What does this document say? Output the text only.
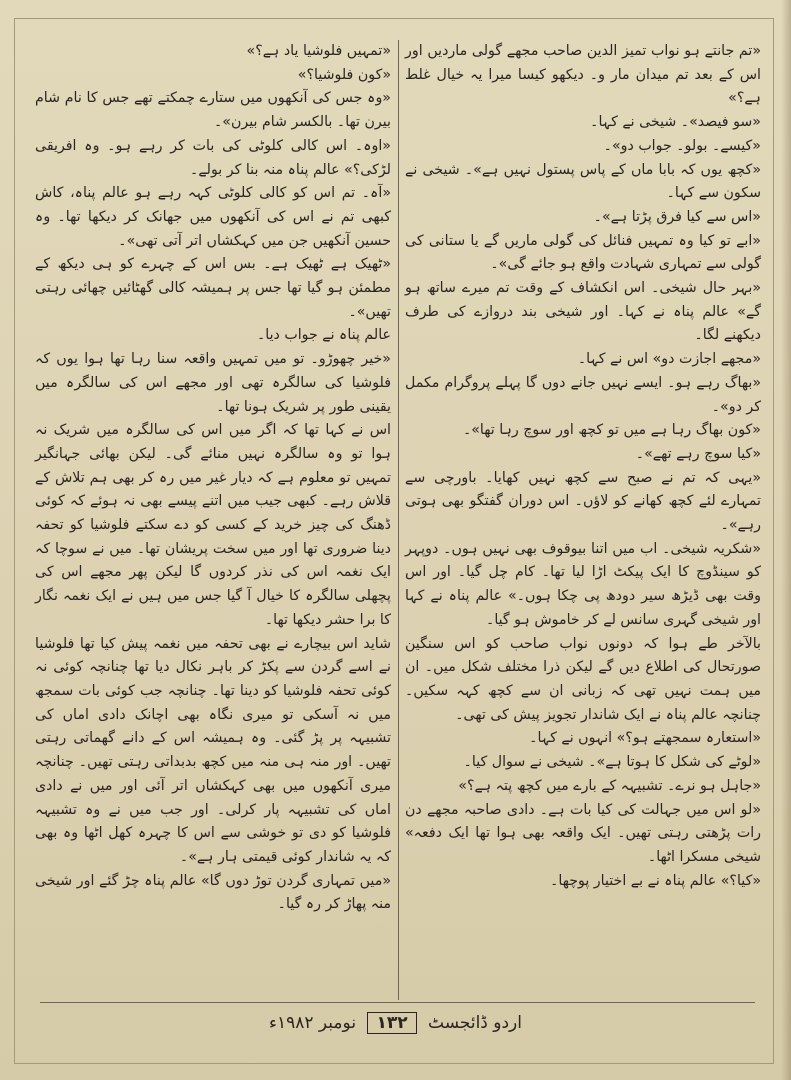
«تم جانتے ہو نواب تمیز الدین صاحب مجھے گولی ماردیں اور اس کے بعد تم میدان مار و۔ دیکھو کیسا میرا یہ خیال غلط ہے؟»

«سو فیصد»۔ شیخی نے کہا۔

«کیسے۔ بولو۔ جواب دو»۔

«کچھ یوں کہ بابا ماں کے پاس پستول نہیں ہے»۔ شیخی نے سکون سے کہا۔

«اس سے کیا فرق پڑتا ہے»۔

«ابے تو کیا وہ تمہیں فنائل کی گولی ماریں گے یا ستانی کی گولی سے تمہاری شہادت واقع ہو جائے گی»۔

«بہر حال شیخی۔ اس انکشاف کے وقت تم میرے ساتھ ہو گے» عالم پناہ نے کہا۔ اور شیخی بند دروازے کی طرف دیکھنے لگا۔

«مجھے اجازت دو» اس نے کہا۔

«بھاگ رہے ہو۔ ایسے نہیں جانے دوں گا پہلے پروگرام مکمل کر دو»۔

«کون بھاگ رہا ہے میں تو کچھ اور سوچ رہا تھا»۔

«کیا سوچ رہے تھے»۔

«یہی کہ تم نے صبح سے کچھ نہیں کھایا۔ باورچی سے تمہارے لئے کچھ کھانے کو لاؤں۔ اس دوران گفتگو بھی ہوتی رہے»۔

«شکریہ شیخی۔ اب میں اتنا بیوقوف بھی نہیں ہوں۔ دوپہر کو سینڈوچ کا ایک پیکٹ اڑا لیا تھا۔ کام چل گیا۔ اور اس وقت بھی ڈیڑھ سیر دودھ پی چکا ہوں۔» عالم پناہ نے کہا اور شیخی گہری سانس لے کر خاموش ہو گیا۔

بالآخر طے ہوا کہ دونوں نواب صاحب کو اس سنگین صورتحال کی اطلاع دیں گے لیکن ذرا مختلف شکل میں۔ ان میں ہمت نہیں تھی کہ زبانی ان سے کچھ کہہ سکیں۔ چنانچہ عالم پناہ نے ایک شاندار تجویز پیش کی تھی۔

«استعارہ سمجھتے ہو؟» انہوں نے کہا۔

«لوٹے کی شکل کا ہوتا ہے»۔ شیخی نے سوال کیا۔

«جاہل ہو نرے۔ تشبیہہ کے بارے میں کچھ پتہ ہے؟»

«لو اس میں جہالت کی کیا بات ہے۔ دادی صاحبہ مجھے دن رات پڑھتی رہتی تھیں۔ ایک واقعہ بھی ہوا تھا ایک دفعہ» شیخی مسکرا اٹھا۔

«کیا؟» عالم پناہ نے بے اختیار پوچھا۔

«تمہیں فلوشیا یاد ہے؟»

«کون فلوشیا؟»

«وہ جس کی آنکھوں میں ستارے چمکتے تھے جس کا نام شام بیرن تھا۔ بالکسر شام بیرن»۔

«اوہ۔ اس کالی کلوٹی کی بات کر رہے ہو۔ وہ افریقی لڑکی؟» عالم پناہ منہ بنا کر بولے۔

«آہ۔ تم اس کو کالی کلوٹی کہہ رہے ہو عالم پناہ، کاش کبھی تم نے اس کی آنکھوں میں جھانک کر دیکھا تھا۔ وہ حسین آنکھیں جن میں کہکشاں اتر آتی تھی»۔

«ٹھیک ہے ٹھیک ہے۔ بس اس کے چہرے کو ہی دیکھ کے مطمئن ہو گیا تھا جس پر ہمیشہ کالی گھٹائیں چھائی رہتی تھیں»۔

عالم پناہ نے جواب دیا۔

«خیر چھوڑو۔ تو میں تمہیں واقعہ سنا رہا تھا ہوا یوں کہ فلوشیا کی سالگرہ تھی اور مجھے اس کی سالگرہ میں یقینی طور پر شریک ہونا تھا۔

اس نے کہا تھا کہ اگر میں اس کی سالگرہ میں شریک نہ ہوا تو وہ سالگرہ نہیں منائے گی۔ لیکن بھائی جہانگیر تمہیں تو معلوم ہے کہ دیار غیر میں رہ کر بھی ہم تلاش کے قلاش رہے۔ کبھی جیب میں اتنے پیسے بھی نہ ہوئے کہ کوئی ڈھنگ کی چیز خرید کے کسی کو دے سکتے فلوشیا کو تحفہ دینا ضروری تھا اور میں سخت پریشان تھا۔ میں نے سوچا کہ ایک نغمہ اس کی نذر کردوں گا لیکن پھر مجھے اس کی پچھلی سالگرہ کا خیال آ گیا جس میں ہیں نے ایک نغمہ نگار کا برا حشر دیکھا تھا۔

شاید اس بیچارے نے بھی تحفہ میں نغمہ پیش کیا تھا فلوشیا نے اسے گردن سے پکڑ کر باہر نکال دیا تھا چنانچہ کوئی نہ کوئی تحفہ فلوشیا کو دینا تھا۔ چنانچہ جب کوئی بات سمجھ میں نہ آسکی تو میری نگاہ بھی اچانک دادی اماں کی تشبیہہ پر پڑ گئی۔ وہ ہمیشہ اس کے دانے گھماتی رہتی تھیں۔ اور منہ ہی منہ میں کچھ بدبداتی رہتی تھیں۔ چنانچہ میری آنکھوں میں بھی کہکشاں اتر آئی اور میں نے دادی اماں کی تشبیہہ پار کرلی۔ اور جب میں نے وہ تشبیہہ فلوشیا کو دی تو خوشی سے اس کا چہرہ کھل اٹھا وہ بھی کہ یہ شاندار کوئی قیمتی ہار ہے»۔

«میں تمہاری گردن توڑ دوں گا» عالم پناہ چڑ گئے اور شیخی منہ پھاڑ کر رہ گیا۔

اردو ڈائجسٹ ۱۳۲ نومبر ۱۹۸۲ء
